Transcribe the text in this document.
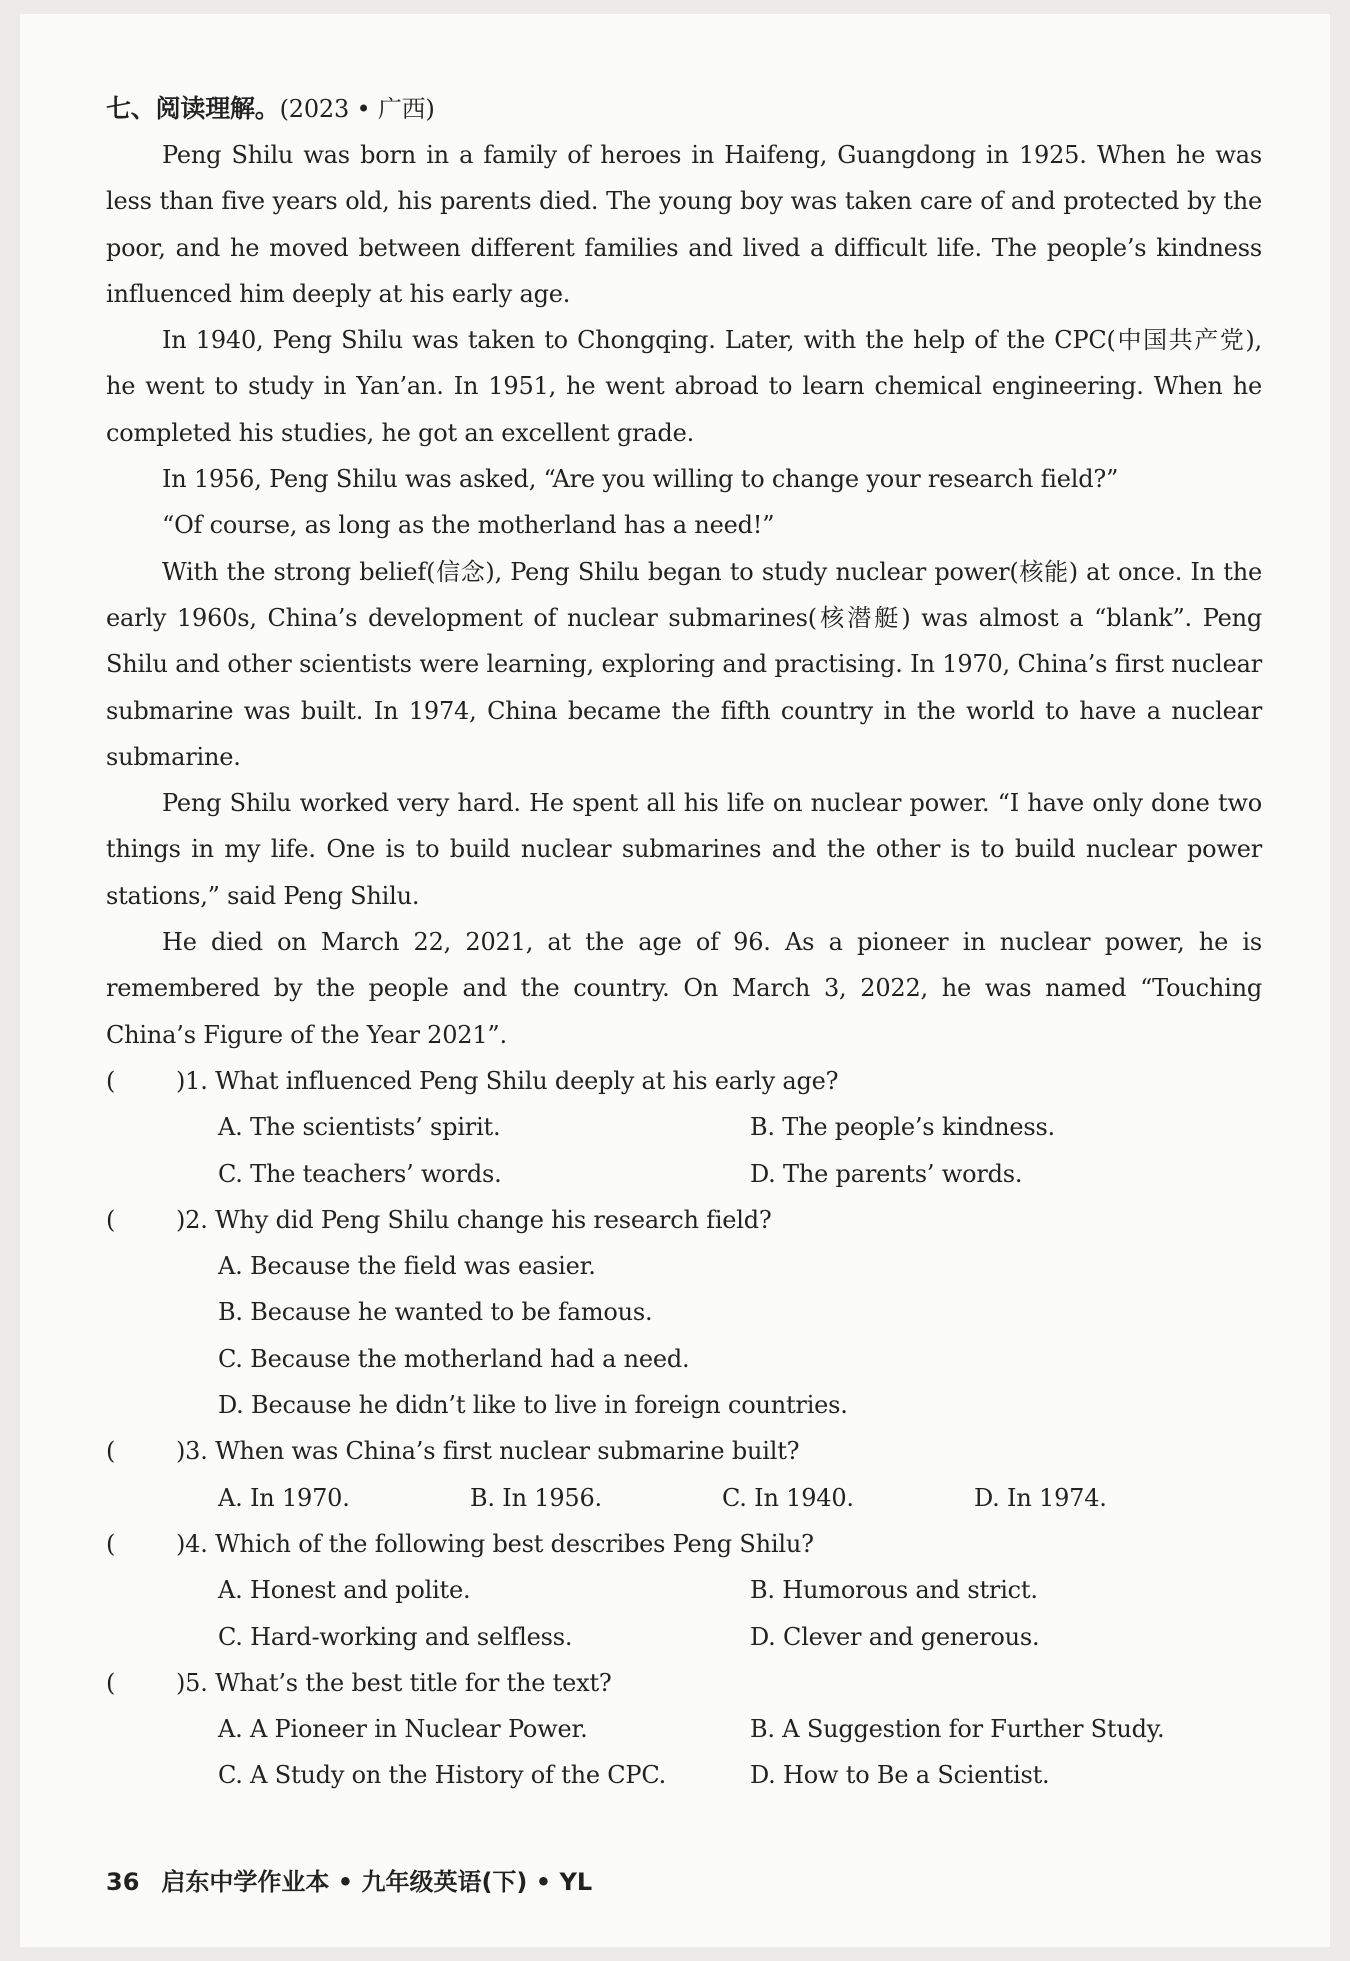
七、阅读理解。(2023 • 广西)

Peng Shilu was born in a family of heroes in Haifeng, Guangdong in 1925. When he was less than five years old, his parents died. The young boy was taken care of and protected by the poor, and he moved between different families and lived a difficult life. The people’s kindness influenced him deeply at his early age.

In 1940, Peng Shilu was taken to Chongqing. Later, with the help of the CPC(中国共产党), he went to study in Yan’an. In 1951, he went abroad to learn chemical engineering. When he completed his studies, he got an excellent grade.

In 1956, Peng Shilu was asked, “Are you willing to change your research field?”

“Of course, as long as the motherland has a need!”

With the strong belief(信念), Peng Shilu began to study nuclear power(核能) at once. In the early 1960s, China’s development of nuclear submarines(核潜艇) was almost a “blank”. Peng Shilu and other scientists were learning, exploring and practising. In 1970, China’s first nuclear submarine was built. In 1974, China became the fifth country in the world to have a nuclear submarine.

Peng Shilu worked very hard. He spent all his life on nuclear power. “I have only done two things in my life. One is to build nuclear submarines and the other is to build nuclear power stations,” said Peng Shilu.

He died on March 22, 2021, at the age of 96. As a pioneer in nuclear power, he is remembered by the people and the country. On March 3, 2022, he was named “Touching China’s Figure of the Year 2021”.

(	)1. What influenced Peng Shilu deeply at his early age?
A. The scientists’ spirit.	B. The people’s kindness.
C. The teachers’ words.	D. The parents’ words.
(	)2. Why did Peng Shilu change his research field?
A. Because the field was easier.
B. Because he wanted to be famous.
C. Because the motherland had a need.
D. Because he didn’t like to live in foreign countries.
(	)3. When was China’s first nuclear submarine built?
A. In 1970.	B. In 1956.	C. In 1940.	D. In 1974.
(	)4. Which of the following best describes Peng Shilu?
A. Honest and polite.	B. Humorous and strict.
C. Hard-working and selfless.	D. Clever and generous.
(	)5. What’s the best title for the text?
A. A Pioneer in Nuclear Power.	B. A Suggestion for Further Study.
C. A Study on the History of the CPC.	D. How to Be a Scientist.
36 启东中学作业本 • 九年级英语(下) • YL
